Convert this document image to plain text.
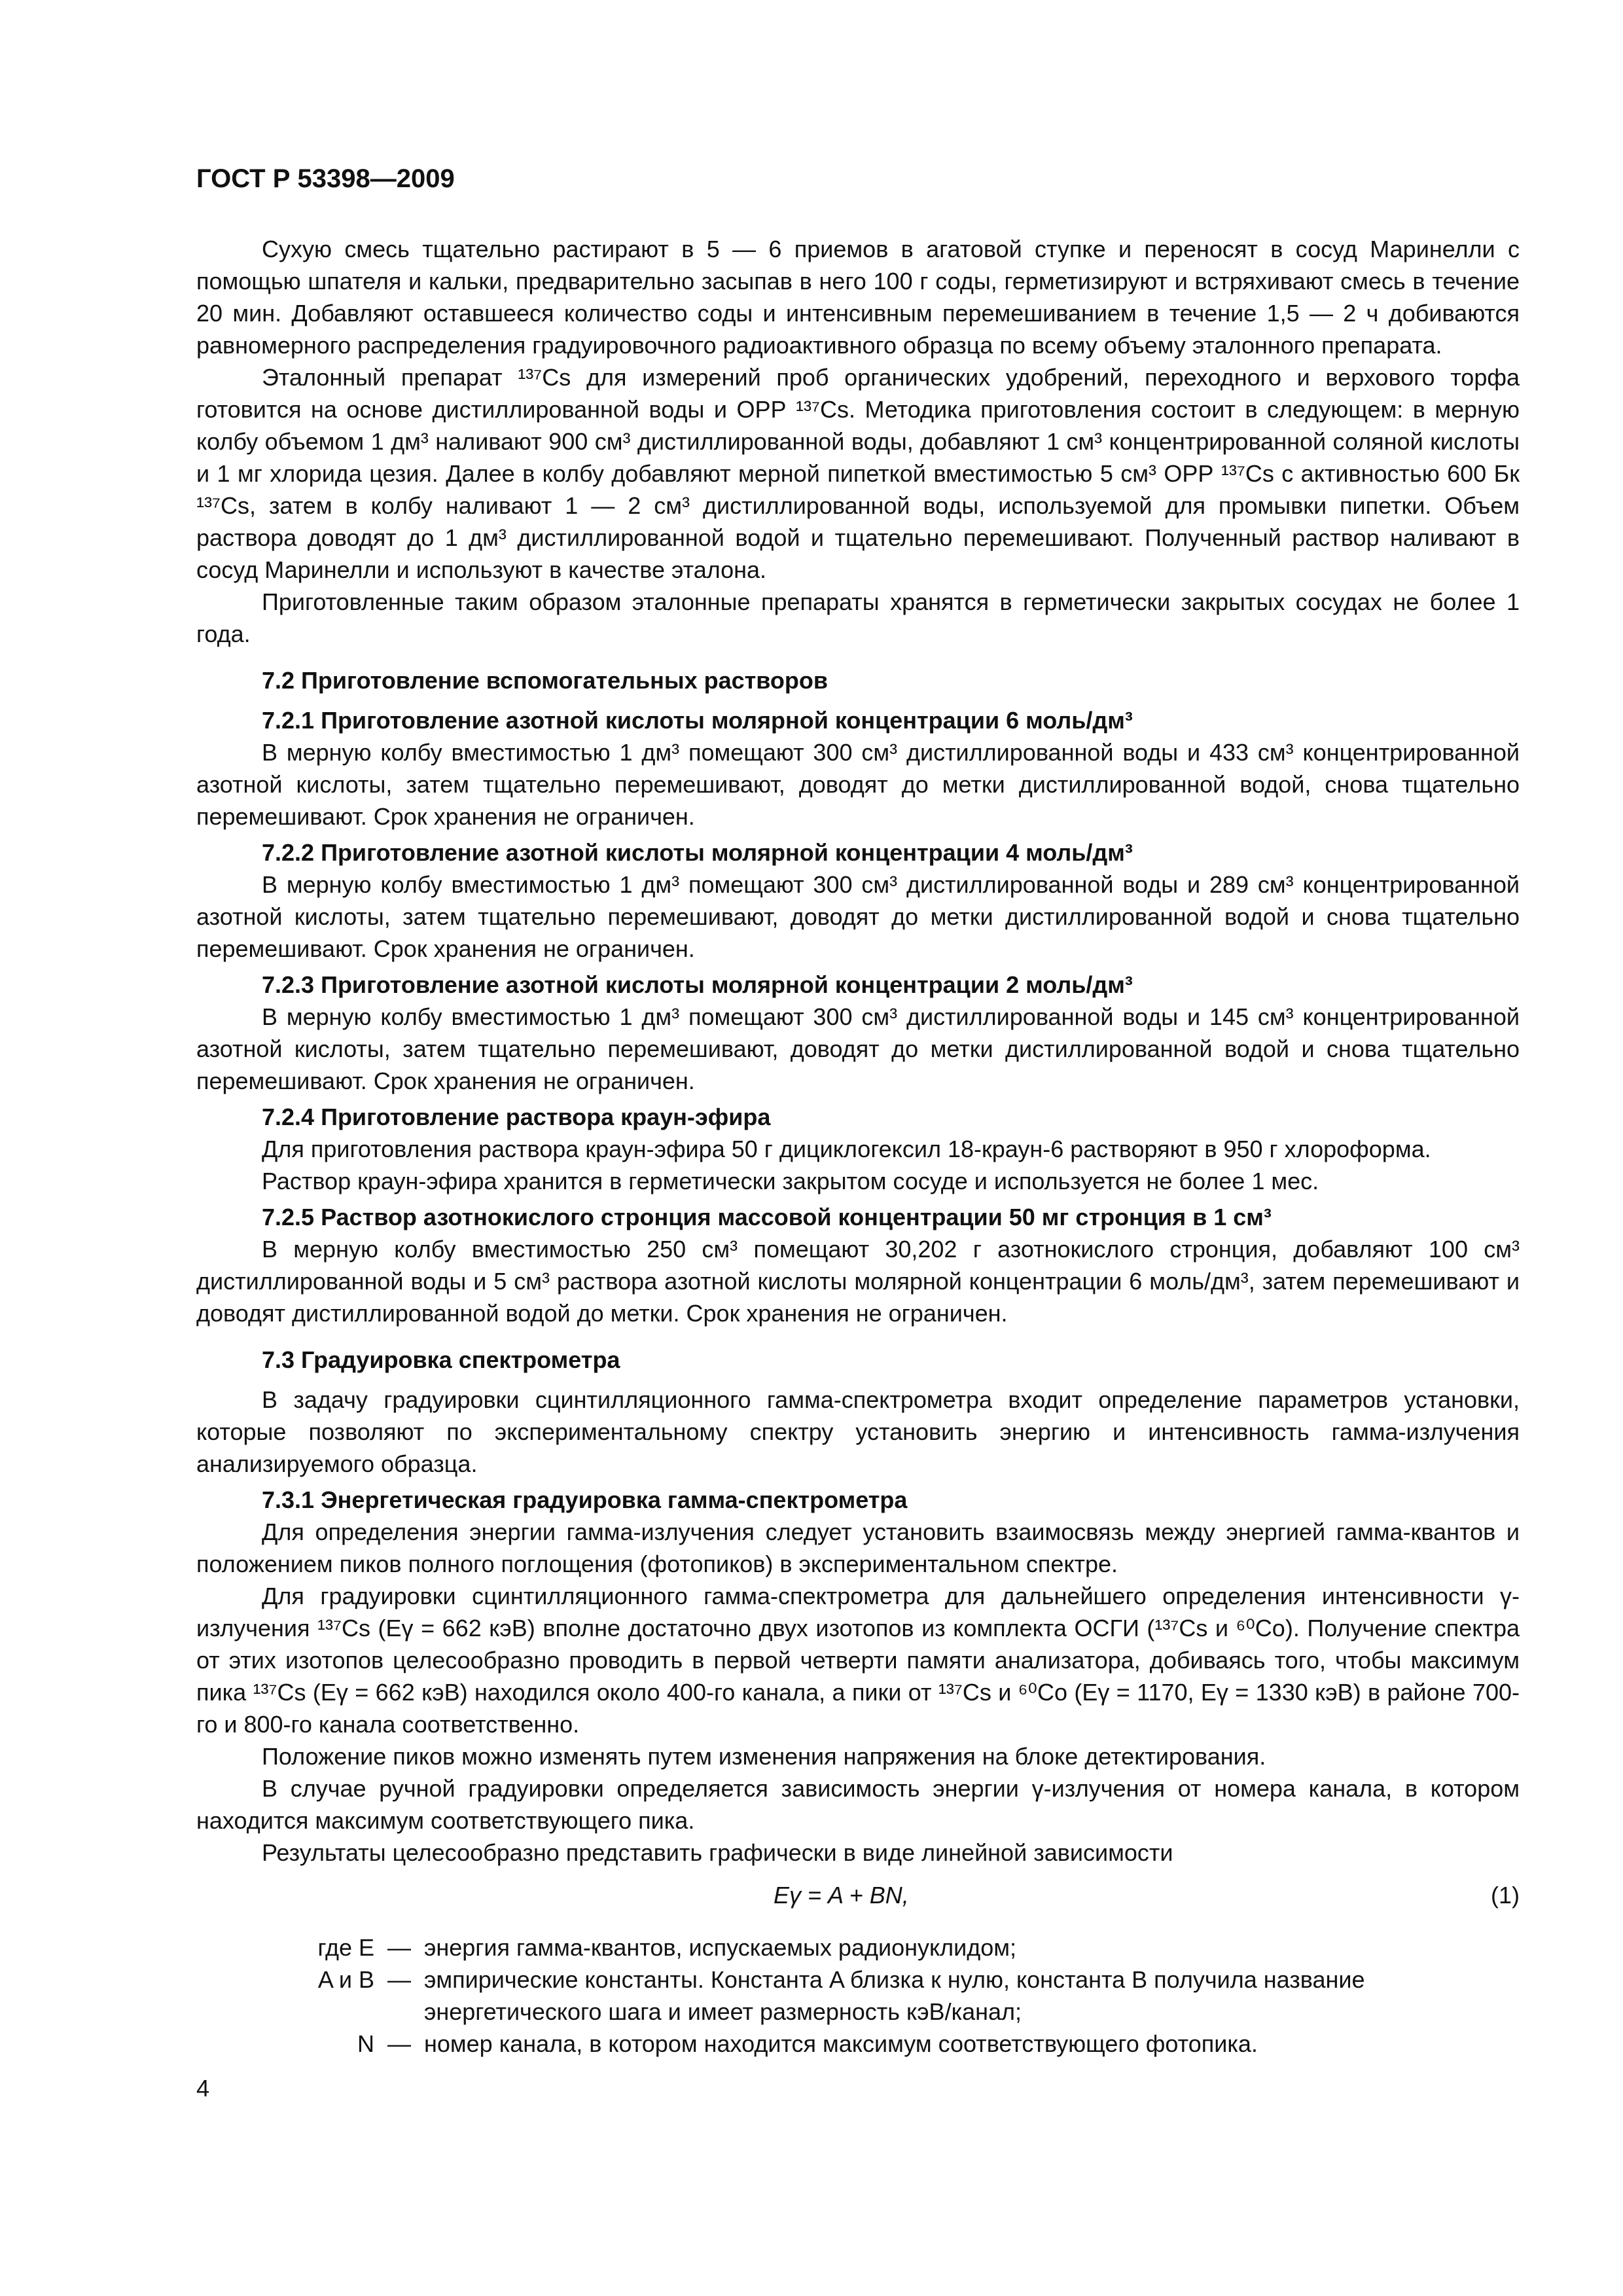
ГОСТ Р 53398—2009

Сухую смесь тщательно растирают в 5 — 6 приемов в агатовой ступке и переносят в сосуд Маринелли с помощью шпателя и кальки, предварительно засыпав в него 100 г соды, герметизируют и встряхивают смесь в течение 20 мин. Добавляют оставшееся количество соды и интенсивным перемешиванием в течение 1,5 — 2 ч добиваются равномерного распределения градуировочного радиоактивного образца по всему объему эталонного препарата.

Эталонный препарат ¹³⁷Cs для измерений проб органических удобрений, переходного и верхового торфа готовится на основе дистиллированной воды и ОРР ¹³⁷Cs. Методика приготовления состоит в следующем: в мерную колбу объемом 1 дм³ наливают 900 см³ дистиллированной воды, добавляют 1 см³ концентрированной соляной кислоты и 1 мг хлорида цезия. Далее в колбу добавляют мерной пипеткой вместимостью 5 см³ ОРР ¹³⁷Cs с активностью 600 Бк ¹³⁷Cs, затем в колбу наливают 1 — 2 см³ дистиллированной воды, используемой для промывки пипетки. Объем раствора доводят до 1 дм³ дистиллированной водой и тщательно перемешивают. Полученный раствор наливают в сосуд Маринелли и используют в качестве эталона.

Приготовленные таким образом эталонные препараты хранятся в герметически закрытых сосудах не более 1 года.

7.2 Приготовление вспомогательных растворов
7.2.1 Приготовление азотной кислоты молярной концентрации 6 моль/дм³

В мерную колбу вместимостью 1 дм³ помещают 300 см³ дистиллированной воды и 433 см³ концентрированной азотной кислоты, затем тщательно перемешивают, доводят до метки дистиллированной водой, снова тщательно перемешивают. Срок хранения не ограничен.

7.2.2 Приготовление азотной кислоты молярной концентрации 4 моль/дм³

В мерную колбу вместимостью 1 дм³ помещают 300 см³ дистиллированной воды и 289 см³ концентрированной азотной кислоты, затем тщательно перемешивают, доводят до метки дистиллированной водой и снова тщательно перемешивают. Срок хранения не ограничен.

7.2.3 Приготовление азотной кислоты молярной концентрации 2 моль/дм³

В мерную колбу вместимостью 1 дм³ помещают 300 см³ дистиллированной воды и 145 см³ концентрированной азотной кислоты, затем тщательно перемешивают, доводят до метки дистиллированной водой и снова тщательно перемешивают. Срок хранения не ограничен.

7.2.4 Приготовление раствора краун-эфира

Для приготовления раствора краун-эфира 50 г дициклогексил 18-краун-6 растворяют в 950 г хлороформа.

Раствор краун-эфира хранится в герметически закрытом сосуде и используется не более 1 мес.

7.2.5 Раствор азотнокислого стронция массовой концентрации 50 мг стронция в 1 см³

В мерную колбу вместимостью 250 см³ помещают 30,202 г азотнокислого стронция, добавляют 100 см³ дистиллированной воды и 5 см³ раствора азотной кислоты молярной концентрации 6 моль/дм³, затем перемешивают и доводят дистиллированной водой до метки. Срок хранения не ограничен.

7.3 Градуировка спектрометра

В задачу градуировки сцинтилляционного гамма-спектрометра входит определение параметров установки, которые позволяют по экспериментальному спектру установить энергию и интенсивность гамма-излучения анализируемого образца.

7.3.1 Энергетическая градуировка гамма-спектрометра

Для определения энергии гамма-излучения следует установить взаимосвязь между энергией гамма-квантов и положением пиков полного поглощения (фотопиков) в экспериментальном спектре.

Для градуировки сцинтилляционного гамма-спектрометра для дальнейшего определения интенсивности γ-излучения ¹³⁷Cs (Eγ = 662 кэВ) вполне достаточно двух изотопов из комплекта ОСГИ (¹³⁷Cs и ⁶⁰Co). Получение спектра от этих изотопов целесообразно проводить в первой четверти памяти анализатора, добиваясь того, чтобы максимум пика ¹³⁷Cs (Eγ = 662 кэВ) находился около 400-го канала, а пики от ¹³⁷Cs и ⁶⁰Co (Eγ = 1170, Eγ = 1330 кэВ) в районе 700-го и 800-го канала соответственно.

Положение пиков можно изменять путем изменения напряжения на блоке детектирования.

В случае ручной градуировки определяется зависимость энергии γ-излучения от номера канала, в котором находится максимум соответствующего пика.

Результаты целесообразно представить графически в виде линейной зависимости

Eγ = A + BN,	(1)
где E — энергия гамма-квантов, испускаемых радионуклидом;
A и B — эмпирические константы. Константа A близка к нулю, константа B получила название энергетического шага и имеет размерность кэВ/канал;
N — номер канала, в котором находится максимум соответствующего фотопика.
4
